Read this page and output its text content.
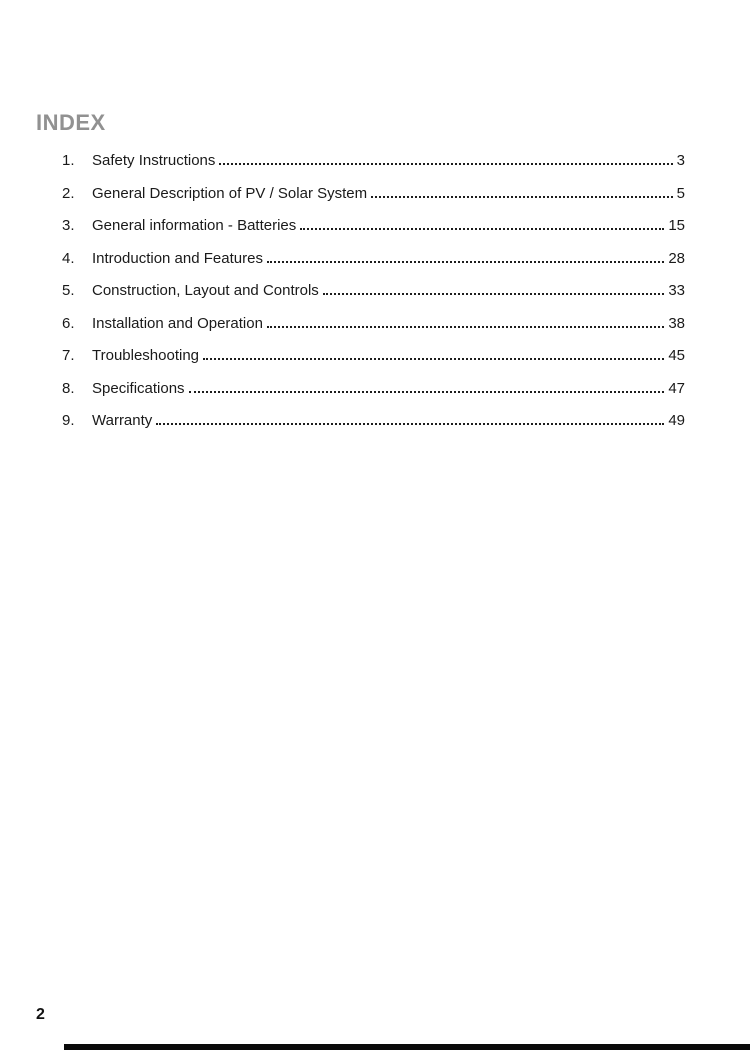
INDEX
1.	Safety Instructions	3
2.	General Description of PV / Solar System	5
3.	General information - Batteries	15
4.	Introduction and Features	28
5.	Construction, Layout and Controls	33
6.	Installation and Operation	38
7.	Troubleshooting	45
8.	Specifications	47
9.	Warranty	49
2
